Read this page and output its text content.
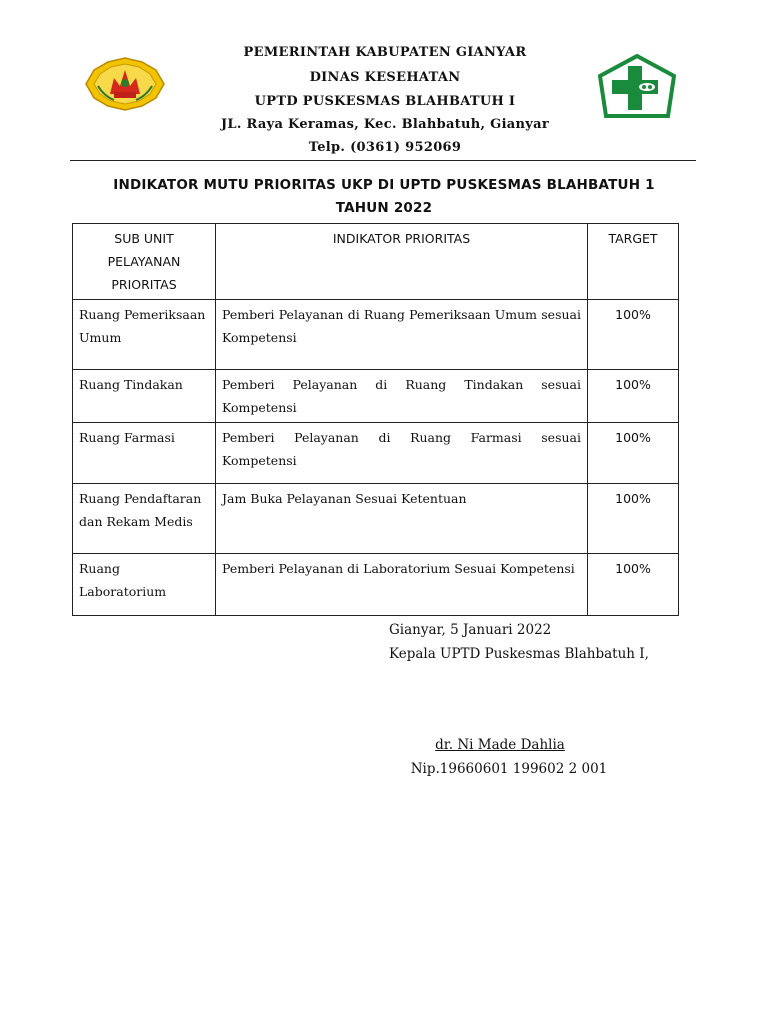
PEMERINTAH KABUPATEN GIANYAR
DINAS KESEHATAN
UPTD PUSKESMAS BLAHBATUH I
JL. Raya Keramas, Kec. Blahbatuh, Gianyar
Telp. (0361) 952069
INDIKATOR MUTU PRIORITAS UKP DI UPTD PUSKESMAS BLAHBATUH 1
TAHUN 2022
SUB UNIT PELAYANAN PRIORITAS	INDIKATOR PRIORITAS	TARGET
Ruang Pemeriksaan Umum	Pemberi Pelayanan di Ruang Pemeriksaan Umum sesuai Kompetensi	100%
Ruang Tindakan	Pemberi Pelayanan di Ruang Tindakan sesuai Kompetensi	100%
Ruang Farmasi	Pemberi Pelayanan di Ruang Farmasi sesuai Kompetensi	100%
Ruang Pendaftaran dan Rekam Medis	Jam Buka Pelayanan Sesuai Ketentuan	100%
Ruang Laboratorium	Pemberi Pelayanan di Laboratorium Sesuai Kompetensi	100%
Gianyar, 5 Januari 2022
Kepala UPTD Puskesmas Blahbatuh I,
dr. Ni Made Dahlia
Nip.19660601 199602 2 001
